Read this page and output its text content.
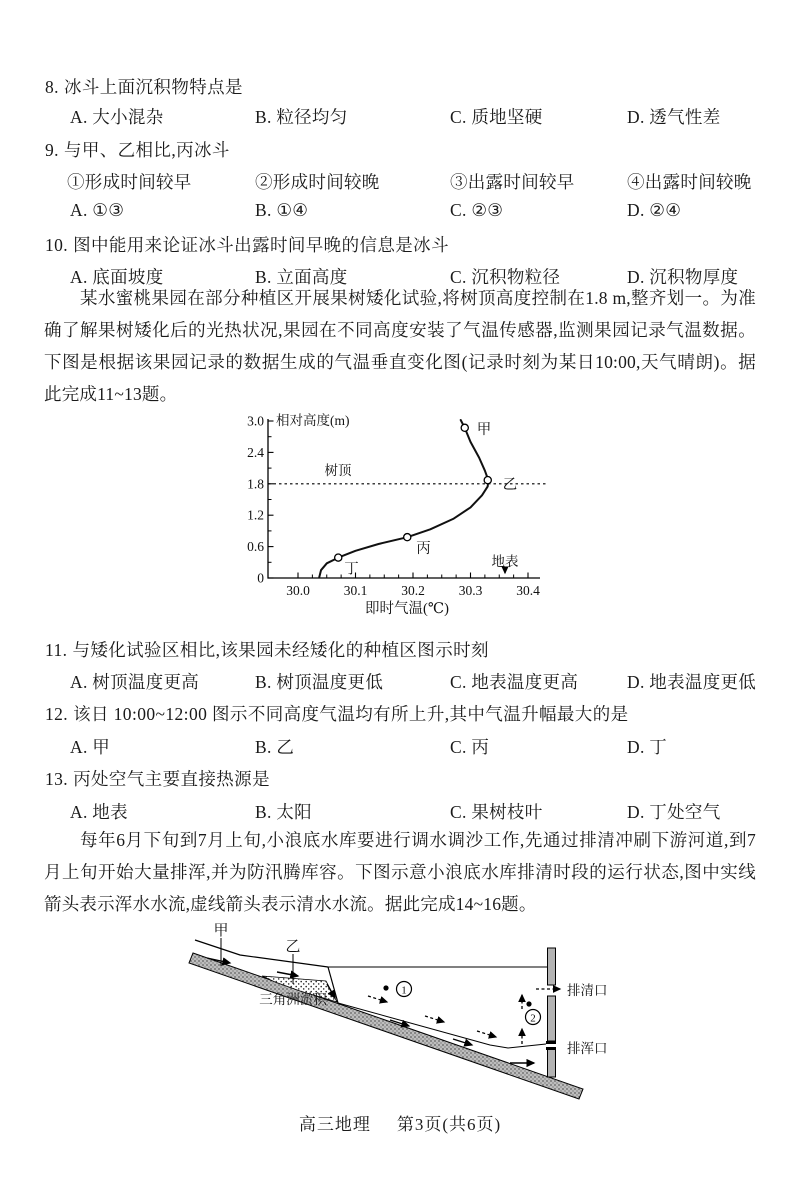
8. 冰斗上面沉积物特点是
A. 大小混杂	B. 粒径均匀	C. 质地坚硬	D. 透气性差
9. 与甲、乙相比,丙冰斗
①形成时间较早	②形成时间较晚	③出露时间较早	④出露时间较晚
A. ①③	B. ①④	C. ②③	D. ②④
10. 图中能用来论证冰斗出露时间早晚的信息是冰斗
A. 底面坡度	B. 立面高度	C. 沉积物粒径	D. 沉积物厚度

某水蜜桃果园在部分种植区开展果树矮化试验,将树顶高度控制在1.8 m,整齐划一。为准确了解果树矮化后的光热状况,果园在不同高度安装了气温传感器,监测果园记录气温数据。下图是根据该果园记录的数据生成的气温垂直变化图(记录时刻为某日10:00,天气晴朗)。据此完成11~13题。

0
0.6
1.2
1.8
2.4
3.0
30.0	30.1	30.2	30.3	30.4
相对高度(m)
即时气温(℃)
树顶
甲
乙
丙
丁
地表
11. 与矮化试验区相比,该果园未经矮化的种植区图示时刻
A. 树顶温度更高	B. 树顶温度更低	C. 地表温度更高	D. 地表温度更低
12. 该日 10:00~12:00 图示不同高度气温均有所上升,其中气温升幅最大的是
A. 甲	B. 乙	C. 丙	D. 丁
13. 丙处空气主要直接热源是
A. 地表	B. 太阳	C. 果树枝叶	D. 丁处空气

每年6月下旬到7月上旬,小浪底水库要进行调水调沙工作,先通过排清冲刷下游河道,到7月上旬开始大量排浑,并为防汛腾库容。下图示意小浪底水库排清时段的运行状态,图中实线箭头表示浑水水流,虚线箭头表示清水水流。据此完成14~16题。

1
2
甲
乙
三角洲淤积
排清口
排浑口
高三地理 第3页(共6页)
